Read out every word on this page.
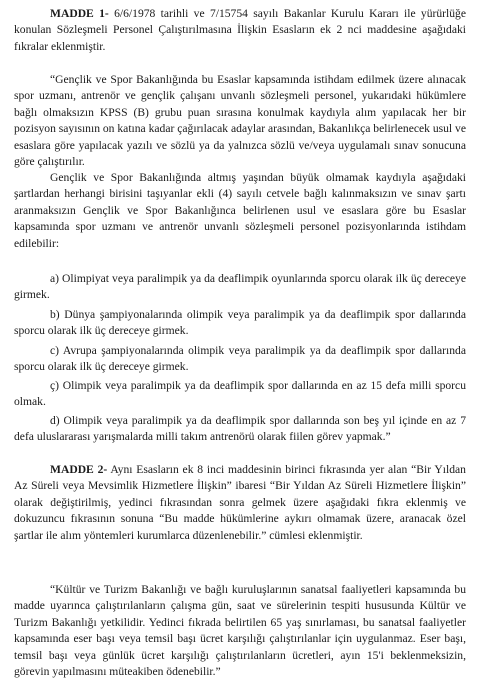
MADDE 1- 6/6/1978 tarihli ve 7/15754 sayılı Bakanlar Kurulu Kararı ile yürürlüğe konulan Sözleşmeli Personel Çalıştırılmasına İlişkin Esasların ek 2 nci maddesine aşağıdaki fıkralar eklenmiştir.

“Gençlik ve Spor Bakanlığında bu Esaslar kapsamında istihdam edilmek üzere alınacak spor uzmanı, antrenör ve gençlik çalışanı unvanlı sözleşmeli personel, yukarıdaki hükümlere bağlı olmaksızın KPSS (B) grubu puan sırasına konulmak kaydıyla alım yapılacak her bir pozisyon sayısının on katına kadar çağırılacak adaylar arasından, Bakanlıkça belirlenecek usul ve esaslara göre yapılacak yazılı ve sözlü ya da yalnızca sözlü ve/veya uygulamalı sınav sonucuna göre çalıştırılır.

Gençlik ve Spor Bakanlığında altmış yaşından büyük olmamak kaydıyla aşağıdaki şartlardan herhangi birisini taşıyanlar ekli (4) sayılı cetvele bağlı kalınmaksızın ve sınav şartı aranmaksızın Gençlik ve Spor Bakanlığınca belirlenen usul ve esaslara göre bu Esaslar kapsamında spor uzmanı ve antrenör unvanlı sözleşmeli personel pozisyonlarında istihdam edilebilir:

a) Olimpiyat veya paralimpik ya da deaflimpik oyunlarında sporcu olarak ilk üç dereceye girmek.

b) Dünya şampiyonalarında olimpik veya paralimpik ya da deaflimpik spor dallarında sporcu olarak ilk üç dereceye girmek.

c) Avrupa şampiyonalarında olimpik veya paralimpik ya da deaflimpik spor dallarında sporcu olarak ilk üç dereceye girmek.

ç) Olimpik veya paralimpik ya da deaflimpik spor dallarında en az 15 defa milli sporcu olmak.

d) Olimpik veya paralimpik ya da deaflimpik spor dallarında son beş yıl içinde en az 7 defa uluslararası yarışmalarda milli takım antrenörü olarak fiilen görev yapmak.”

MADDE 2- Aynı Esasların ek 8 inci maddesinin birinci fıkrasında yer alan “Bir Yıldan Az Süreli veya Mevsimlik Hizmetlere İlişkin” ibaresi “Bir Yıldan Az Süreli Hizmetlere İlişkin” olarak değiştirilmiş, yedinci fıkrasından sonra gelmek üzere aşağıdaki fıkra eklenmiş ve dokuzuncu fıkrasının sonuna “Bu madde hükümlerine aykırı olmamak üzere, aranacak özel şartlar ile alım yöntemleri kurumlarca düzenlenebilir.” cümlesi eklenmiştir.

“Kültür ve Turizm Bakanlığı ve bağlı kuruluşlarının sanatsal faaliyetleri kapsamında bu madde uyarınca çalıştırılanların çalışma gün, saat ve sürelerinin tespiti hususunda Kültür ve Turizm Bakanlığı yetkilidir. Yedinci fıkrada belirtilen 65 yaş sınırlaması, bu sanatsal faaliyetler kapsamında eser başı veya temsil başı ücret karşılığı çalıştırılanlar için uygulanmaz. Eser başı, temsil başı veya günlük ücret karşılığı çalıştırılanların ücretleri, ayın 15'i beklenmeksizin, görevin yapılmasını müteakiben ödenebilir.”
